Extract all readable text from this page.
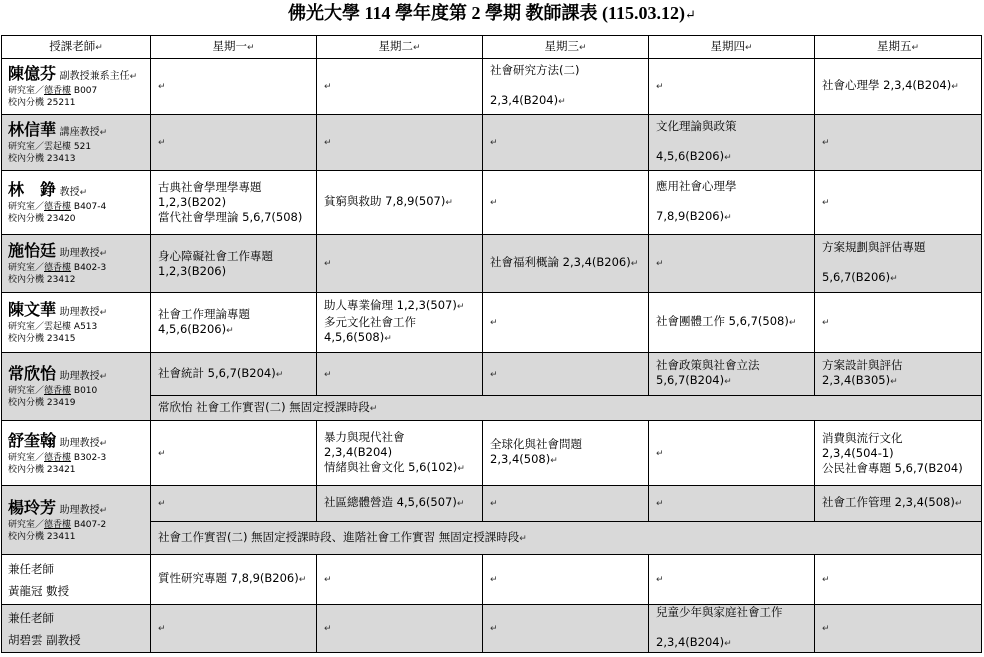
佛光大學 114 學年度第 2 學期 教師課表 (115.03.12)↵
授課老師↵	星期一↵	星期二↵	星期三↵	星期四↵	星期五↵
陳億芬 副教授兼系主任↵
研究室／德香樓 B007
校內分機 25211	↵	↵	社會研究方法(二)

2,3,4(B204)↵	↵	社會心理學 2,3,4(B204)↵
林信華 講座教授↵
研究室／雲起樓 521
校內分機 23413	↵	↵	↵	文化理論與政策

4,5,6(B206)↵	↵
林　錚 教授↵
研究室／德香樓 B407-4
校內分機 23420	古典社會學理學專題
1,2,3(B202)
當代社會學理論 5,6,7(508)	貧窮與救助 7,8,9(507)↵	↵	應用社會心理學

7,8,9(B206)↵	↵
施怡廷 助理教授↵
研究室／德香樓 B402-3
校內分機 23412	身心障礙社會工作專題
1,2,3(B206)	↵	社會福利概論 2,3,4(B206)↵	↵	方案規劃與評估專題

5,6,7(B206)↵
陳文華 助理教授↵
研究室／雲起樓 A513
校內分機 23415	社會工作理論專題
4,5,6(B206)↵	助人專業倫理 1,2,3(507)↵
多元文化社會工作
4,5,6(508)↵	↵	社會團體工作 5,6,7(508)↵	↵
常欣怡 助理教授↵
研究室／德香樓 B010
校內分機 23419	社會統計 5,6,7(B204)↵	↵	↵	社會政策與社會立法
5,6,7(B204)↵	方案設計與評估
2,3,4(B305)↵
	常欣怡 社會工作實習(二) 無固定授課時段↵				
舒奎翰 助理教授↵
研究室／德香樓 B302-3
校內分機 23421	↵	暴力與現代社會
2,3,4(B204)
情緒與社會文化 5,6(102)↵	全球化與社會問題
2,3,4(508)↵	↵	消費與流行文化
2,3,4(504-1)
公民社會專題 5,6,7(B204)
楊玲芳 助理教授↵
研究室／德香樓 B407-2
校內分機 23411	↵	社區總體營造 4,5,6(507)↵	↵	↵	社會工作管理 2,3,4(508)↵
	社會工作實習(二) 無固定授課時段、進階社會工作實習 無固定授課時段↵				

兼任老師
黃龍冠 數授	質性研究專題 7,8,9(B206)↵	↵	↵	↵	↵

兼任老師
胡碧雲 副教授	↵	↵	↵	兒童少年與家庭社會工作

2,3,4(B204)↵	↵
